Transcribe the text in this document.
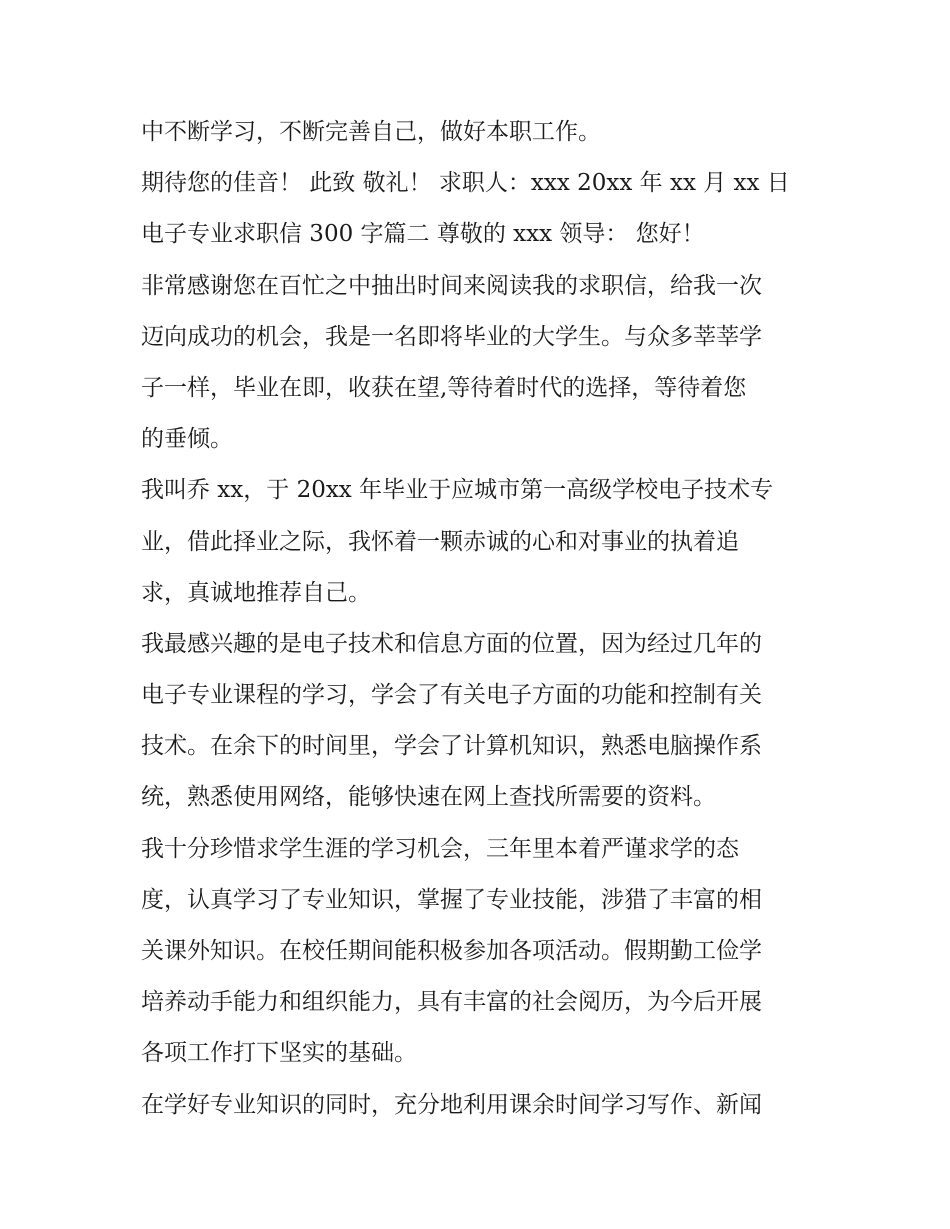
中不断学习，不断完善自己，做好本职工作。
期待您的佳音！ 此致 敬礼！ 求职人：xxx 20xx 年 xx 月 xx 日
电子专业求职信 300 字篇二 尊敬的 xxx 领导： 您好！
非常感谢您在百忙之中抽出时间来阅读我的求职信，给我一次
迈向成功的机会，我是一名即将毕业的大学生。与众多莘莘学
子一样，毕业在即，收获在望,等待着时代的选择，等待着您
的垂倾。
我叫乔 xx，于 20xx 年毕业于应城市第一高级学校电子技术专
业，借此择业之际，我怀着一颗赤诚的心和对事业的执着追
求，真诚地推荐自己。
我最感兴趣的是电子技术和信息方面的位置，因为经过几年的
电子专业课程的学习，学会了有关电子方面的功能和控制有关
技术。在余下的时间里，学会了计算机知识，熟悉电脑操作系
统，熟悉使用网络，能够快速在网上查找所需要的资料。
我十分珍惜求学生涯的学习机会，三年里本着严谨求学的态
度，认真学习了专业知识，掌握了专业技能，涉猎了丰富的相
关课外知识。在校任期间能积极参加各项活动。假期勤工俭学
培养动手能力和组织能力，具有丰富的社会阅历，为今后开展
各项工作打下坚实的基础。
在学好专业知识的同时，充分地利用课余时间学习写作、新闻
